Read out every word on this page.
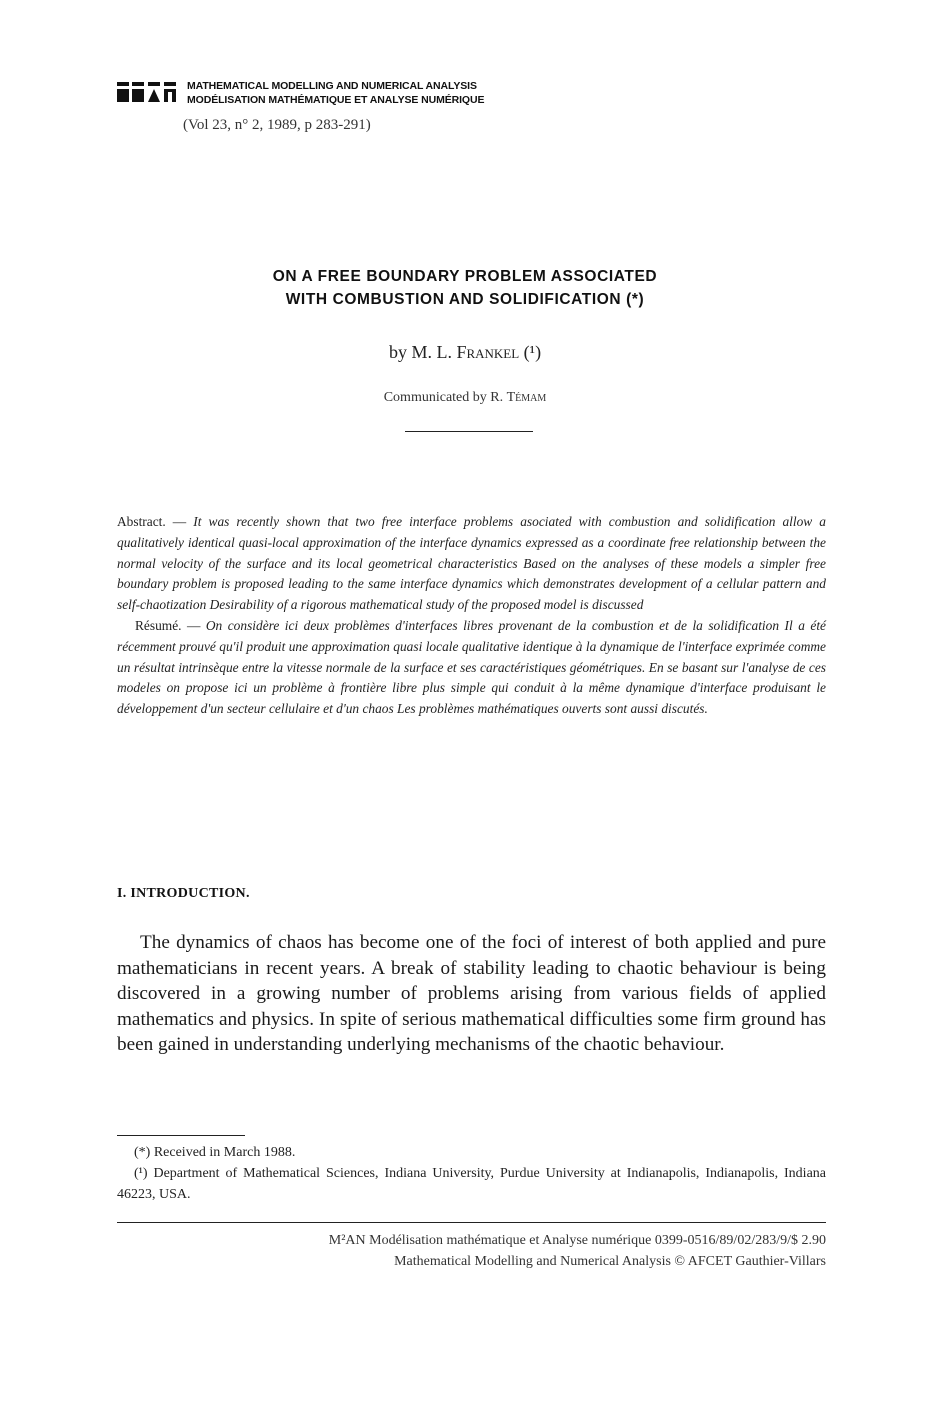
MATHEMATICAL MODELLING AND NUMERICAL ANALYSIS
MODÉLISATION MATHÉMATIQUE ET ANALYSE NUMÉRIQUE
(Vol 23, n° 2, 1989, p 283-291)
ON A FREE BOUNDARY PROBLEM ASSOCIATED
WITH COMBUSTION AND SOLIDIFICATION (*)
by M. L. Frankel (¹)
Communicated by R. Témam

Abstract. — It was recently shown that two free interface problems asociated with combustion and solidification allow a qualitatively identical quasi-local approximation of the interface dynamics expressed as a coordinate free relationship between the normal velocity of the surface and its local geometrical characteristics Based on the analyses of these models a simpler free boundary problem is proposed leading to the same interface dynamics which demonstrates development of a cellular pattern and self-chaotization Desirability of a rigorous mathematical study of the proposed model is discussed

Résumé. — On considère ici deux problèmes d'interfaces libres provenant de la combustion et de la solidification Il a été récemment prouvé qu'il produit une approximation quasi locale qualitative identique à la dynamique de l'interface exprimée comme un résultat intrinsèque entre la vitesse normale de la surface et ses caractéristiques géométriques. En se basant sur l'analyse de ces modeles on propose ici un problème à frontière libre plus simple qui conduit à la même dynamique d'interface produisant le développement d'un secteur cellulaire et d'un chaos Les problèmes mathématiques ouverts sont aussi discutés.

I. INTRODUCTION.

The dynamics of chaos has become one of the foci of interest of both applied and pure mathematicians in recent years. A break of stability leading to chaotic behaviour is being discovered in a growing number of problems arising from various fields of applied mathematics and physics. In spite of serious mathematical difficulties some firm ground has been gained in understanding underlying mechanisms of the chaotic behaviour.

(*) Received in March 1988.

(¹) Department of Mathematical Sciences, Indiana University, Purdue University at Indianapolis, Indianapolis, Indiana 46223, USA.

M²AN Modélisation mathématique et Analyse numérique 0399-0516/89/02/283/9/$ 2.90
Mathematical Modelling and Numerical Analysis © AFCET Gauthier-Villars
